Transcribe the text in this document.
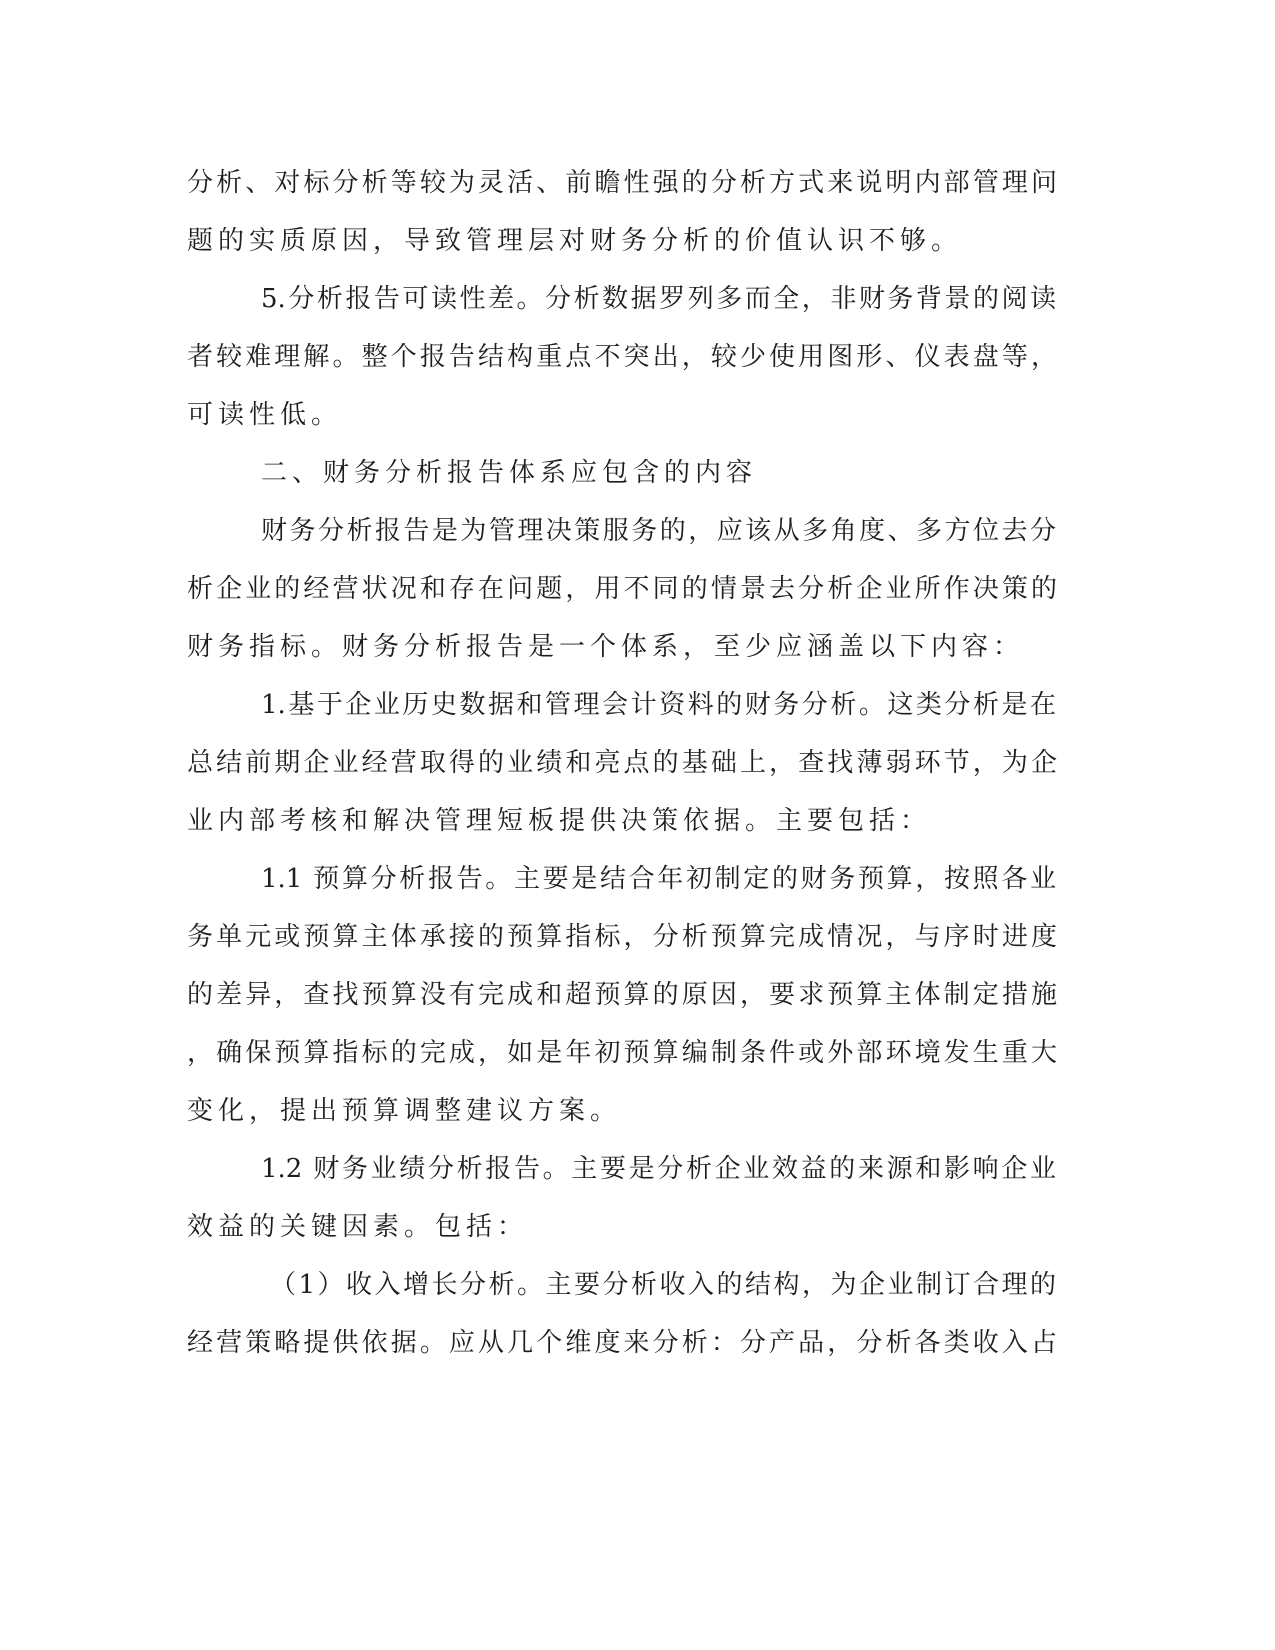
分析、对标分析等较为灵活、前瞻性强的分析方式来说明内部管理问
题的实质原因，导致管理层对财务分析的价值认识不够。
5.分析报告可读性差。分析数据罗列多而全，非财务背景的阅读
者较难理解。整个报告结构重点不突出，较少使用图形、仪表盘等，
可读性低。
二、财务分析报告体系应包含的内容
财务分析报告是为管理决策服务的，应该从多角度、多方位去分
析企业的经营状况和存在问题，用不同的情景去分析企业所作决策的
财务指标。财务分析报告是一个体系，至少应涵盖以下内容：
1.基于企业历史数据和管理会计资料的财务分析。这类分析是在
总结前期企业经营取得的业绩和亮点的基础上，查找薄弱环节，为企
业内部考核和解决管理短板提供决策依据。主要包括：
1.1 预算分析报告。主要是结合年初制定的财务预算，按照各业
务单元或预算主体承接的预算指标，分析预算完成情况，与序时进度
的差异，查找预算没有完成和超预算的原因，要求预算主体制定措施
，确保预算指标的完成，如是年初预算编制条件或外部环境发生重大
变化，提出预算调整建议方案。
1.2 财务业绩分析报告。主要是分析企业效益的来源和影响企业
效益的关键因素。包括：
（1）收入增长分析。主要分析收入的结构，为企业制订合理的
经营策略提供依据。应从几个维度来分析：分产品，分析各类收入占
